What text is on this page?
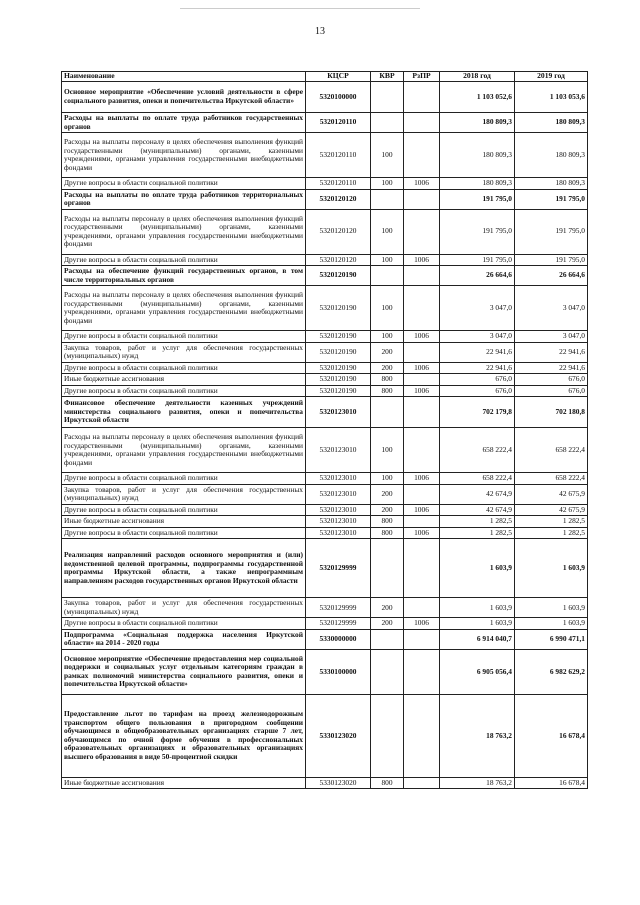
13
Наименование	КЦСР	КВР	РзПР	2018 год	2019 год
Основное мероприятие «Обеспечение условий деятельности в сфере социального развития, опеки и попечительства Иркутской области»	5320100000			1 103 052,6	1 103 053,6
Расходы на выплаты по оплате труда работников государственных органов	5320120110			180 809,3	180 809,3
Расходы на выплаты персоналу в целях обеспечения выполнения функций государственными (муниципальными) органами, казенными учреждениями, органами управления государственными внебюджетными фондами	5320120110	100		180 809,3	180 809,3
Другие вопросы в области социальной политики	5320120110	100	1006	180 809,3	180 809,3
Расходы на выплаты по оплате труда работников территориальных органов	5320120120			191 795,0	191 795,0
Расходы на выплаты персоналу в целях обеспечения выполнения функций государственными (муниципальными) органами, казенными учреждениями, органами управления государственными внебюджетными фондами	5320120120	100		191 795,0	191 795,0
Другие вопросы в области социальной политики	5320120120	100	1006	191 795,0	191 795,0
Расходы на обеспечение функций государственных органов, в том числе территориальных органов	5320120190			26 664,6	26 664,6
Расходы на выплаты персоналу в целях обеспечения выполнения функций государственными (муниципальными) органами, казенными учреждениями, органами управления государственными внебюджетными фондами	5320120190	100		3 047,0	3 047,0
Другие вопросы в области социальной политики	5320120190	100	1006	3 047,0	3 047,0
Закупка товаров, работ и услуг для обеспечения государственных (муниципальных) нужд	5320120190	200		22 941,6	22 941,6
Другие вопросы в области социальной политики	5320120190	200	1006	22 941,6	22 941,6
Иные бюджетные ассигнования	5320120190	800		676,0	676,0
Другие вопросы в области социальной политики	5320120190	800	1006	676,0	676,0
Финансовое обеспечение деятельности казенных учреждений министерства социального развития, опеки и попечительства Иркутской области	5320123010			702 179,8	702 180,8
Расходы на выплаты персоналу в целях обеспечения выполнения функций государственными (муниципальными) органами, казенными учреждениями, органами управления государственными внебюджетными фондами	5320123010	100		658 222,4	658 222,4
Другие вопросы в области социальной политики	5320123010	100	1006	658 222,4	658 222,4
Закупка товаров, работ и услуг для обеспечения государственных (муниципальных) нужд	5320123010	200		42 674,9	42 675,9
Другие вопросы в области социальной политики	5320123010	200	1006	42 674,9	42 675,9
Иные бюджетные ассигнования	5320123010	800		1 282,5	1 282,5
Другие вопросы в области социальной политики	5320123010	800	1006	1 282,5	1 282,5
Реализация направлений расходов основного мероприятия и (или) ведомственной целевой программы, подпрограммы государственной программы Иркутской области, а также непрограммным направлениям расходов государственных органов Иркутской области	5320129999			1 603,9	1 603,9
Закупка товаров, работ и услуг для обеспечения государственных (муниципальных) нужд	5320129999	200		1 603,9	1 603,9
Другие вопросы в области социальной политики	5320129999	200	1006	1 603,9	1 603,9
Подпрограмма «Социальная поддержка населения Иркутской области» на 2014 - 2020 годы	5330000000			6 914 040,7	6 990 471,1
Основное мероприятие «Обеспечение предоставления мер социальной поддержки и социальных услуг отдельным категориям граждан в рамках полномочий министерства социального развития, опеки и попечительства Иркутской области»	5330100000			6 905 056,4	6 982 629,2
Предоставление льгот по тарифам на проезд железнодорожным транспортом общего пользования в пригородном сообщении обучающимся в общеобразовательных организациях старше 7 лет, обучающимся по очной форме обучения в профессиональных образовательных организациях и образовательных организациях высшего образования в виде 50-процентной скидки	5330123020			18 763,2	16 678,4
Иные бюджетные ассигнования	5330123020	800		18 763,2	16 678,4
